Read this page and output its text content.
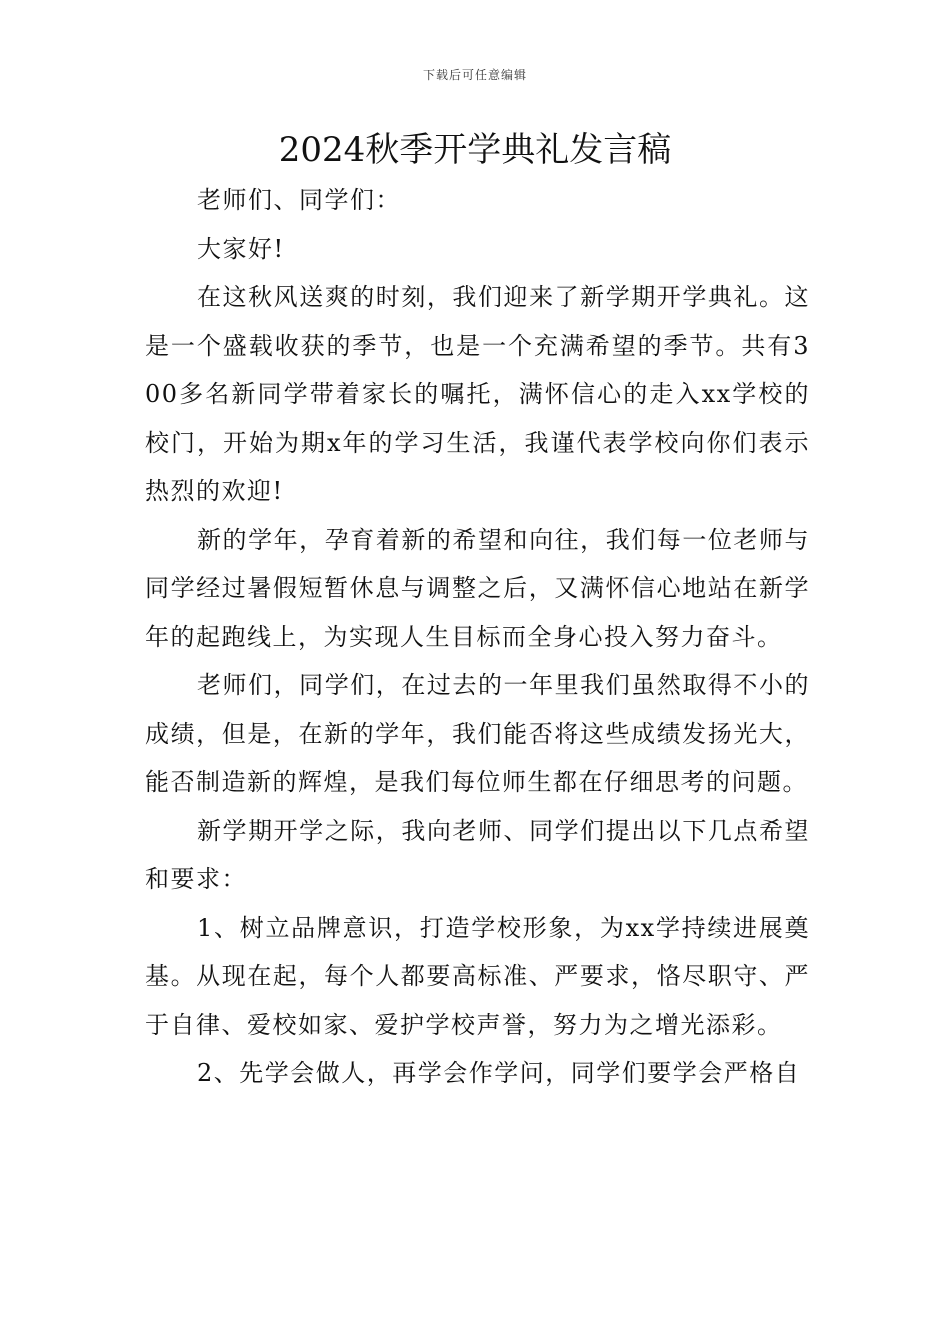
下载后可任意编辑
2024秋季开学典礼发言稿

老师们、同学们：

大家好!

在这秋风送爽的时刻，我们迎来了新学期开学典礼。这是一个盛载收获的季节，也是一个充满希望的季节。共有300多名新同学带着家长的嘱托，满怀信心的走入xx学校的校门，开始为期x年的学习生活，我谨代表学校向你们表示热烈的欢迎!

新的学年，孕育着新的希望和向往，我们每一位老师与同学经过暑假短暂休息与调整之后，又满怀信心地站在新学年的起跑线上，为实现人生目标而全身心投入努力奋斗。

老师们，同学们，在过去的一年里我们虽然取得不小的成绩，但是，在新的学年，我们能否将这些成绩发扬光大，能否制造新的辉煌，是我们每位师生都在仔细思考的问题。

新学期开学之际，我向老师、同学们提出以下几点希望和要求：

1、树立品牌意识，打造学校形象，为xx学持续进展奠基。从现在起，每个人都要高标准、严要求，恪尽职守、严于自律、爱校如家、爱护学校声誉，努力为之增光添彩。

2、先学会做人，再学会作学问，同学们要学会严格自
